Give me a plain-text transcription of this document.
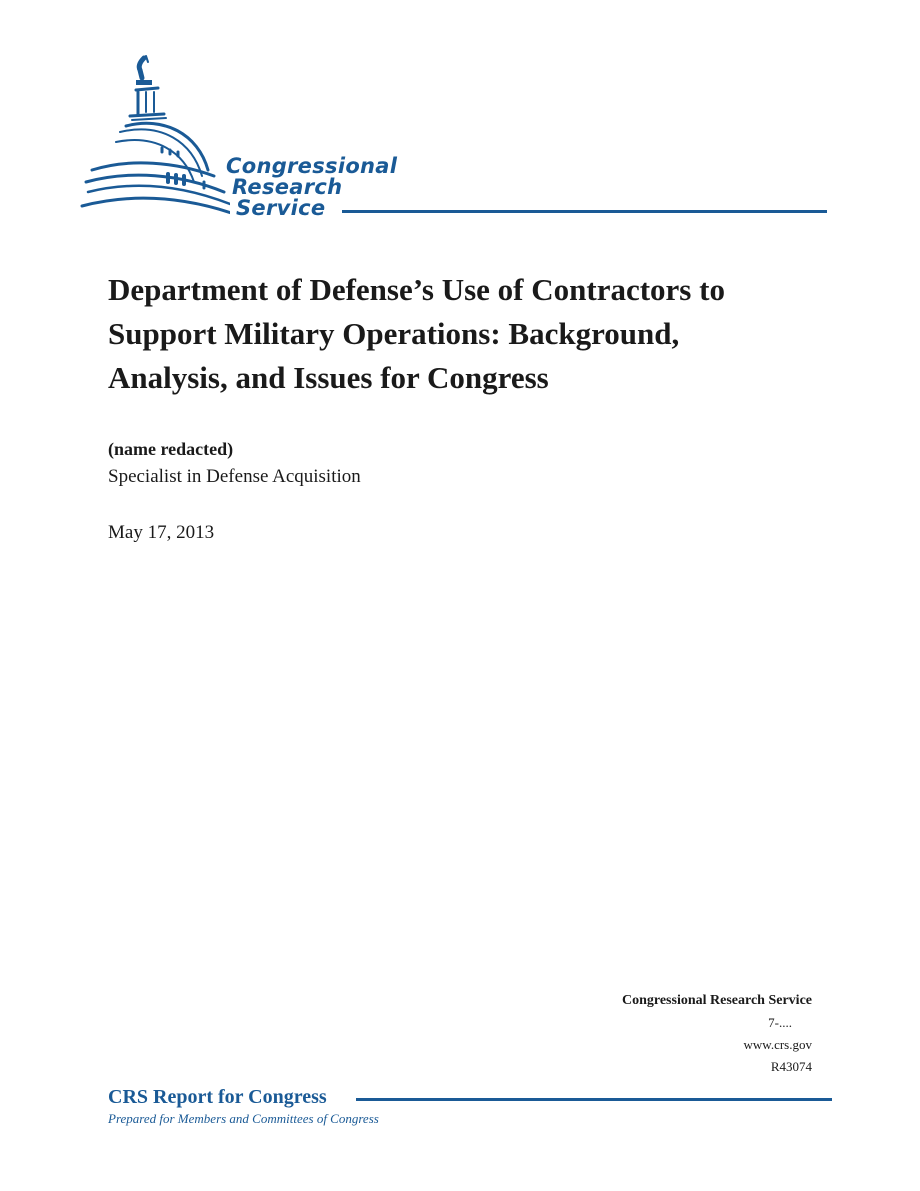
Congressional
Research
Service
Department of Defense’s Use of Contractors to
Support Military Operations: Background,
Analysis, and Issues for Congress
(name redacted)
Specialist in Defense Acquisition
May 17, 2013
Congressional Research Service
7-....
www.crs.gov
R43074
CRS Report for Congress
Prepared for Members and Committees of Congress
